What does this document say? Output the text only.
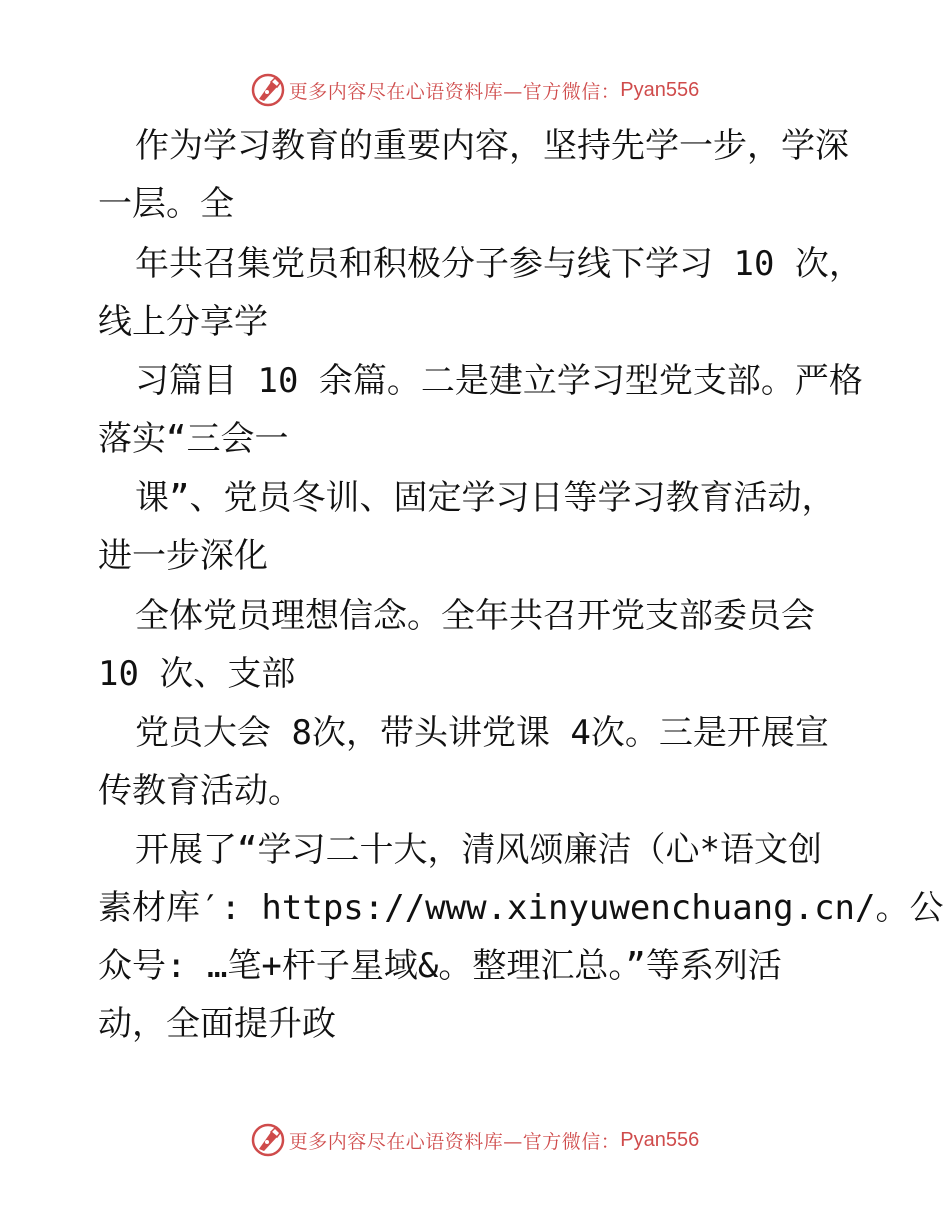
更多内容尽在心语资料库—官方微信： Pyan556
作为学习教育的重要内容，坚持先学一步，学深
一层。全
年共召集党员和积极分子参与线下学习 10 次，
线上分享学
习篇目 10 余篇。二是建立学习型党支部。严格
落实“三会一
课”、党员冬训、固定学习日等学习教育活动，
进一步深化
全体党员理想信念。全年共召开党支部委员会
10 次、支部
党员大会 8次，带头讲党课 4次。三是开展宣
传教育活动。
开展了“学习二十大，清风颂廉洁（心*语文创
素材库′: https://www.xinyuwenchuang.cn/。公
众号: …笔+杆子星域&。整理汇总。”等系列活
动，全面提升政
更多内容尽在心语资料库—官方微信： Pyan556
